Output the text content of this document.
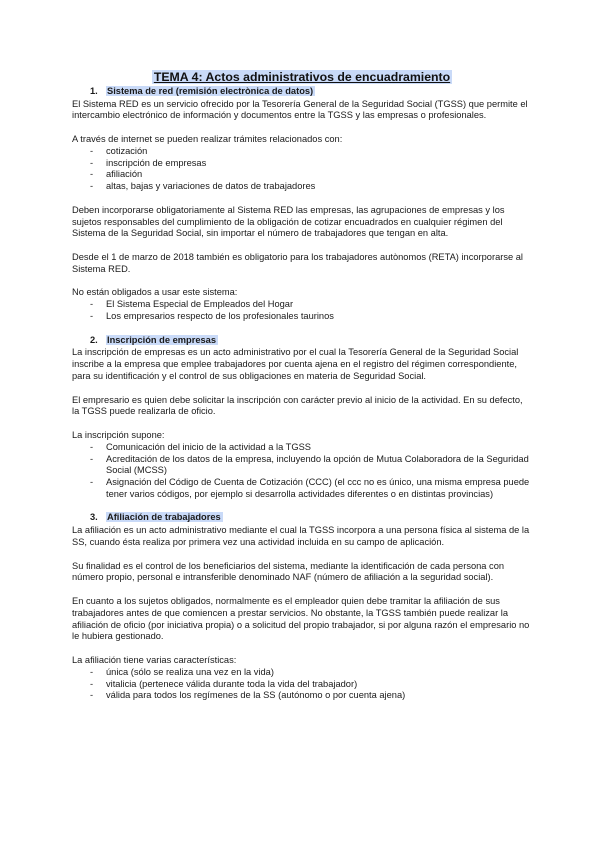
TEMA 4: Actos administrativos de encuadramiento
1. Sistema de red (remisión electrònica de datos)

El Sistema RED es un servicio ofrecido por la Tesorería General de la Seguridad Social (TGSS) que permite el intercambio electrónico de información y documentos entre la TGSS y las empresas o profesionales.

A través de internet se pueden realizar trámites relacionados con:

- cotización
- inscripción de empresas
- afiliación
- altas, bajas y variaciones de datos de trabajadores

Deben incorporarse obligatoriamente al Sistema RED las empresas, las agrupaciones de empresas y los sujetos responsables del cumplimiento de la obligación de cotizar encuadrados en cualquier régimen del Sistema de la Seguridad Social, sin importar el número de trabajadores que tengan en alta.

Desde el 1 de marzo de 2018 también es obligatorio para los trabajadores autònomos (RETA) incorporarse al Sistema RED.

No están obligados a usar este sistema:

- El Sistema Especial de Empleados del Hogar
- Los empresarios respecto de los profesionales taurinos
2. Inscripción de empresas

La inscripción de empresas es un acto administrativo por el cual la Tesorería General de la Seguridad Social inscribe a la empresa que emplee trabajadores por cuenta ajena en el registro del régimen correspondiente, para su identificación y el control de sus obligaciones en materia de Seguridad Social.

El empresario es quien debe solicitar la inscripción con carácter previo al inicio de la actividad. En su defecto, la TGSS puede realizarla de oficio.

La inscripción supone:

- Comunicación del inicio de la actividad a la TGSS
- Acreditación de los datos de la empresa, incluyendo la opción de Mutua Colaboradora de la Seguridad Social (MCSS)
- Asignación del Código de Cuenta de Cotización (CCC) (el ccc no es único, una misma empresa puede tener varios códigos, por ejemplo si desarrolla actividades diferentes o en distintas provincias)
3. Afiliación de trabajadores

La afiliación es un acto administrativo mediante el cual la TGSS incorpora a una persona física al sistema de la SS, cuando ésta realiza por primera vez una actividad incluida en su campo de aplicación.

Su finalidad es el control de los beneficiarios del sistema, mediante la identificación de cada persona con número propio, personal e intransferible denominado NAF (número de afiliación a la seguridad social).

En cuanto a los sujetos obligados, normalmente es el empleador quien debe tramitar la afiliación de sus trabajadores antes de que comiencen a prestar servicios. No obstante, la TGSS también puede realizar la afiliación de oficio (por iniciativa propia) o a solicitud del propio trabajador, si por alguna razón el empresario no le hubiera gestionado.

La afiliación tiene varias características:

- única (sólo se realiza una vez en la vida)
- vitalicia (pertenece válida durante toda la vida del trabajador)
- válida para todos los regímenes de la SS (autónomo o por cuenta ajena)
